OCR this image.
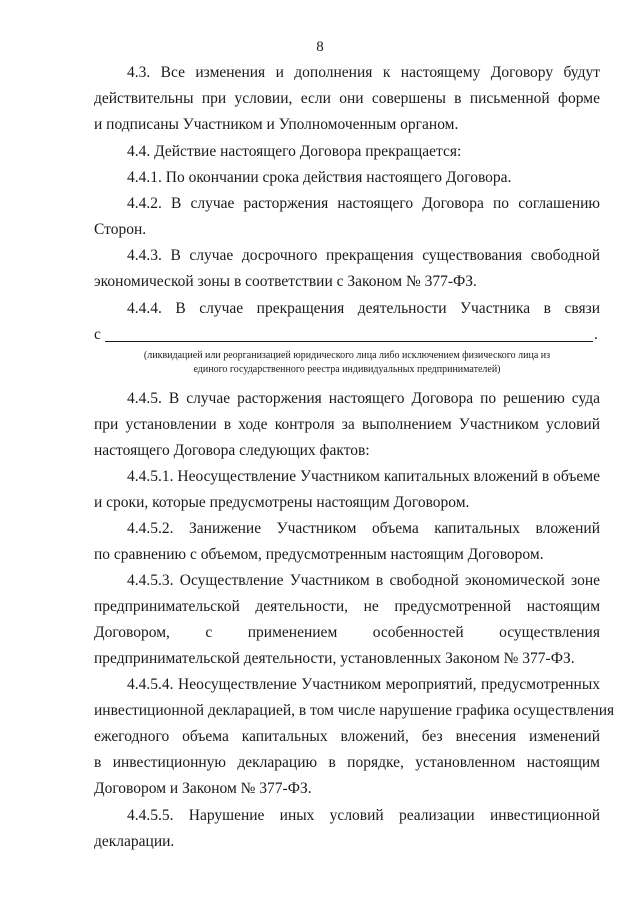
8
4.3. Все изменения и дополнения к настоящему Договору будут
действительны при условии, если они совершены в письменной форме
и подписаны Участником и Уполномоченным органом.
4.4. Действие настоящего Договора прекращается:
4.4.1. По окончании срока действия настоящего Договора.
4.4.2. В случае расторжения настоящего Договора по соглашению
Сторон.
4.4.3. В случае досрочного прекращения существования свободной
экономической зоны в соответствии с Законом № 377-ФЗ.
4.4.4. В случае прекращения деятельности Участника в связи
с	.
(ликвидацией или реорганизацией юридического лица либо исключением физического лица из
единого государственного реестра индивидуальных предпринимателей)
4.4.5. В случае расторжения настоящего Договора по решению суда
при установлении в ходе контроля за выполнением Участником условий
настоящего Договора следующих фактов:
4.4.5.1. Неосуществление Участником капитальных вложений в объеме
и сроки, которые предусмотрены настоящим Договором.
4.4.5.2. Занижение Участником объема капитальных вложений
по сравнению с объемом, предусмотренным настоящим Договором.
4.4.5.3. Осуществление Участником в свободной экономической зоне
предпринимательской деятельности, не предусмотренной настоящим
Договором, с применением особенностей осуществления
предпринимательской деятельности, установленных Законом № 377-ФЗ.
4.4.5.4. Неосуществление Участником мероприятий, предусмотренных
инвестиционной декларацией, в том числе нарушение графика осуществления
ежегодного объема капитальных вложений, без внесения изменений
в инвестиционную декларацию в порядке, установленном настоящим
Договором и Законом № 377-ФЗ.
4.4.5.5. Нарушение иных условий реализации инвестиционной
декларации.
